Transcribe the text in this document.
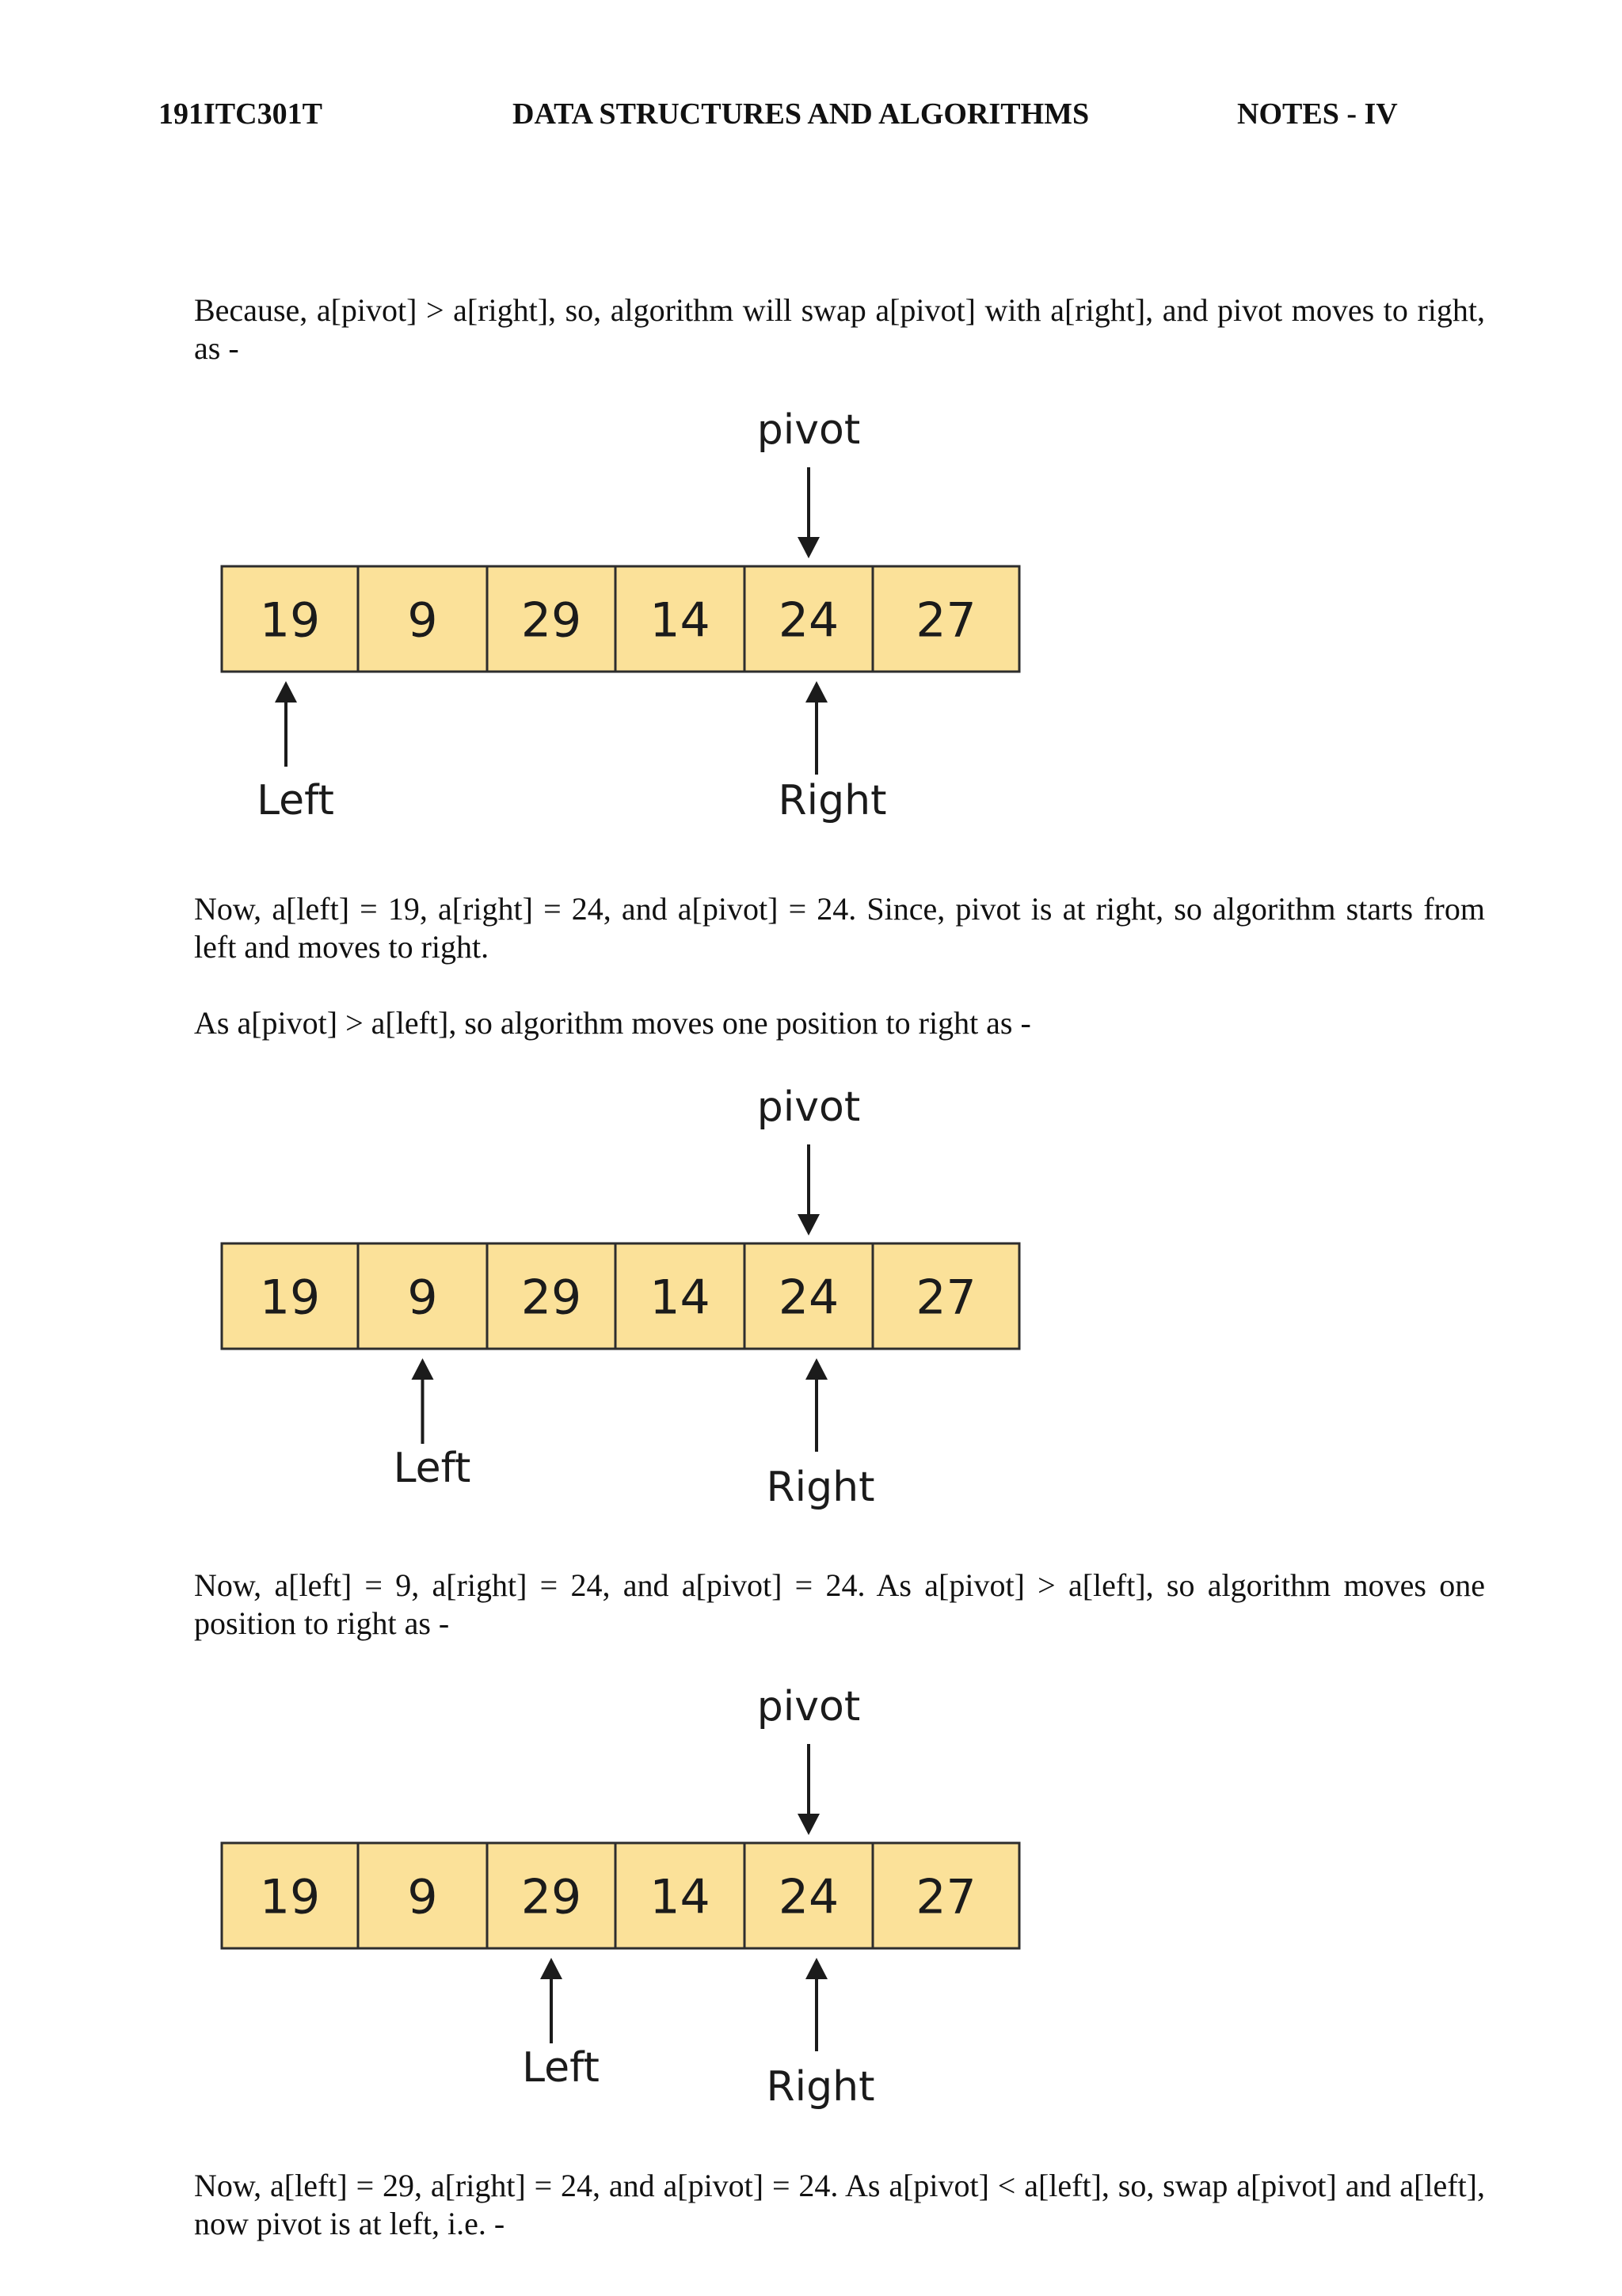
191ITC301T	DATA STRUCTURES AND ALGORITHMS	NOTES - IV

Because, a[pivot] > a[right], so, algorithm will swap a[pivot] with a[right], and pivot moves to right, as -

19 9 29 14 24 27
pivot
Left	Right

Now, a[left] = 19, a[right] = 24, and a[pivot] = 24. Since, pivot is at right, so algorithm starts from left and moves to right.

As a[pivot] > a[left], so algorithm moves one position to right as -

19 9 29 14 24 27
pivot
Left	Right

Now, a[left] = 9, a[right] = 24, and a[pivot] = 24. As a[pivot] > a[left], so algorithm moves one position to right as -

19 9 29 14 24 27
pivot
Left	Right

Now, a[left] = 29, a[right] = 24, and a[pivot] = 24. As a[pivot] < a[left], so, swap a[pivot] and a[left], now pivot is at left, i.e. -
